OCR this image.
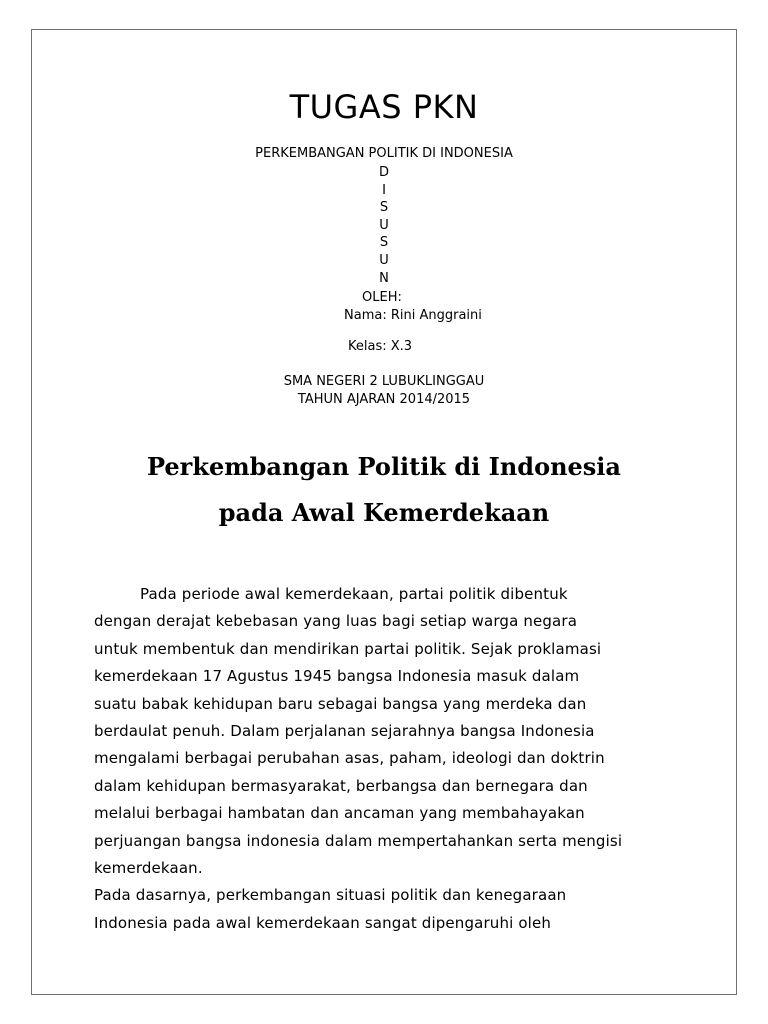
TUGAS PKN
PERKEMBANGAN POLITIK DI INDONESIA
D
I
S
U
S
U
N
OLEH:
Nama: Rini Anggraini
Kelas: X.3
SMA NEGERI 2 LUBUKLINGGAU
TAHUN AJARAN 2014/2015
Perkembangan Politik di Indonesia
pada Awal Kemerdekaan
Pada periode awal kemerdekaan, partai politik dibentuk
dengan derajat kebebasan yang luas bagi setiap warga negara
untuk membentuk dan mendirikan partai politik. Sejak proklamasi
kemerdekaan 17 Agustus 1945 bangsa Indonesia masuk dalam
suatu babak kehidupan baru sebagai bangsa yang merdeka dan
berdaulat penuh. Dalam perjalanan sejarahnya bangsa Indonesia
mengalami berbagai perubahan asas, paham, ideologi dan doktrin
dalam kehidupan bermasyarakat, berbangsa dan bernegara dan
melalui berbagai hambatan dan ancaman yang membahayakan
perjuangan bangsa indonesia dalam mempertahankan serta mengisi
kemerdekaan.
Pada dasarnya, perkembangan situasi politik dan kenegaraan
Indonesia pada awal kemerdekaan sangat dipengaruhi oleh
